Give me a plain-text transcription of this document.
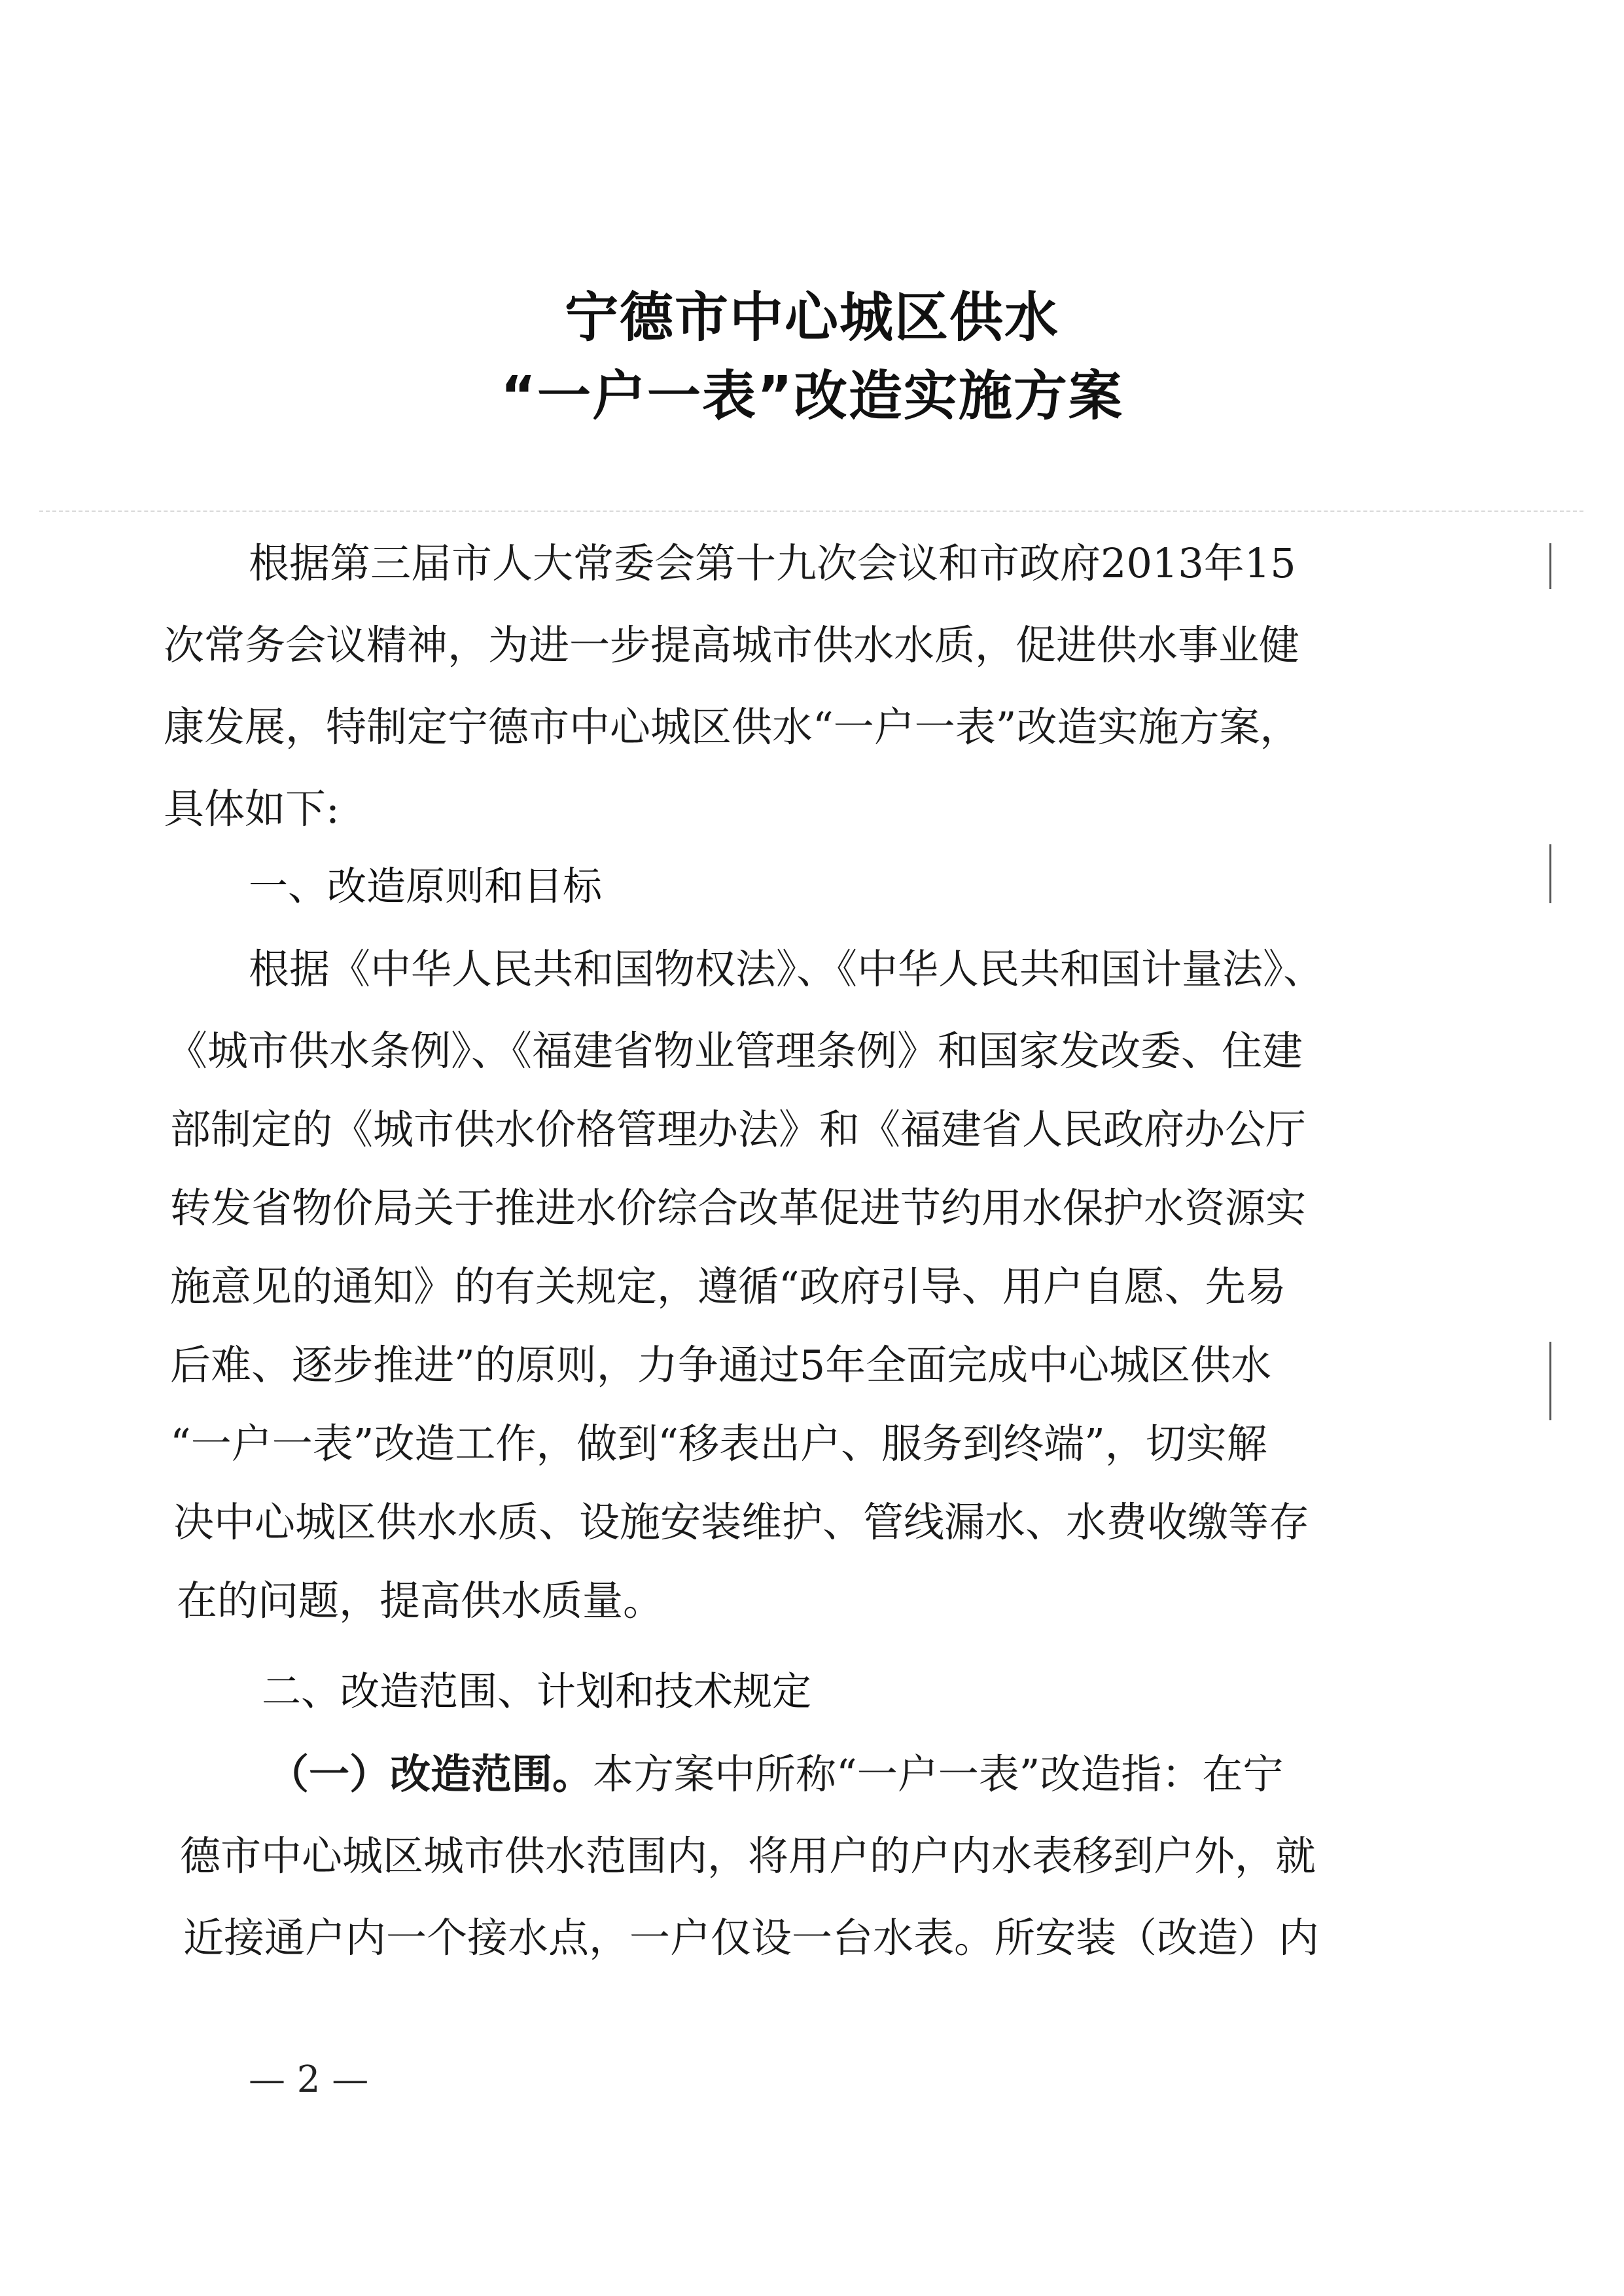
宁德市中心城区供水
“一户一表”改造实施方案
根据第三届市人大常委会第十九次会议和市政府2013年15
次常务会议精神，为进一步提高城市供水水质，促进供水事业健
康发展，特制定宁德市中心城区供水“一户一表”改造实施方案，
具体如下:
一、改造原则和目标
根据《中华人民共和国物权法》、《中华人民共和国计量法》、
《城市供水条例》、《福建省物业管理条例》和国家发改委、住建
部制定的《城市供水价格管理办法》和《福建省人民政府办公厅
转发省物价局关于推进水价综合改革促进节约用水保护水资源实
施意见的通知》的有关规定，遵循“政府引导、用户自愿、先易
后难、逐步推进”的原则，力争通过5年全面完成中心城区供水
“一户一表”改造工作，做到“移表出户、服务到终端”，切实解
决中心城区供水水质、设施安装维护、管线漏水、水费收缴等存
在的问题，提高供水质量。
二、改造范围、计划和技术规定
（一）改造范围。本方案中所称“一户一表”改造指：在宁
德市中心城区城市供水范围内，将用户的户内水表移到户外，就
近接通户内一个接水点，一户仅设一台水表。所安装（改造）内
— 2 —
